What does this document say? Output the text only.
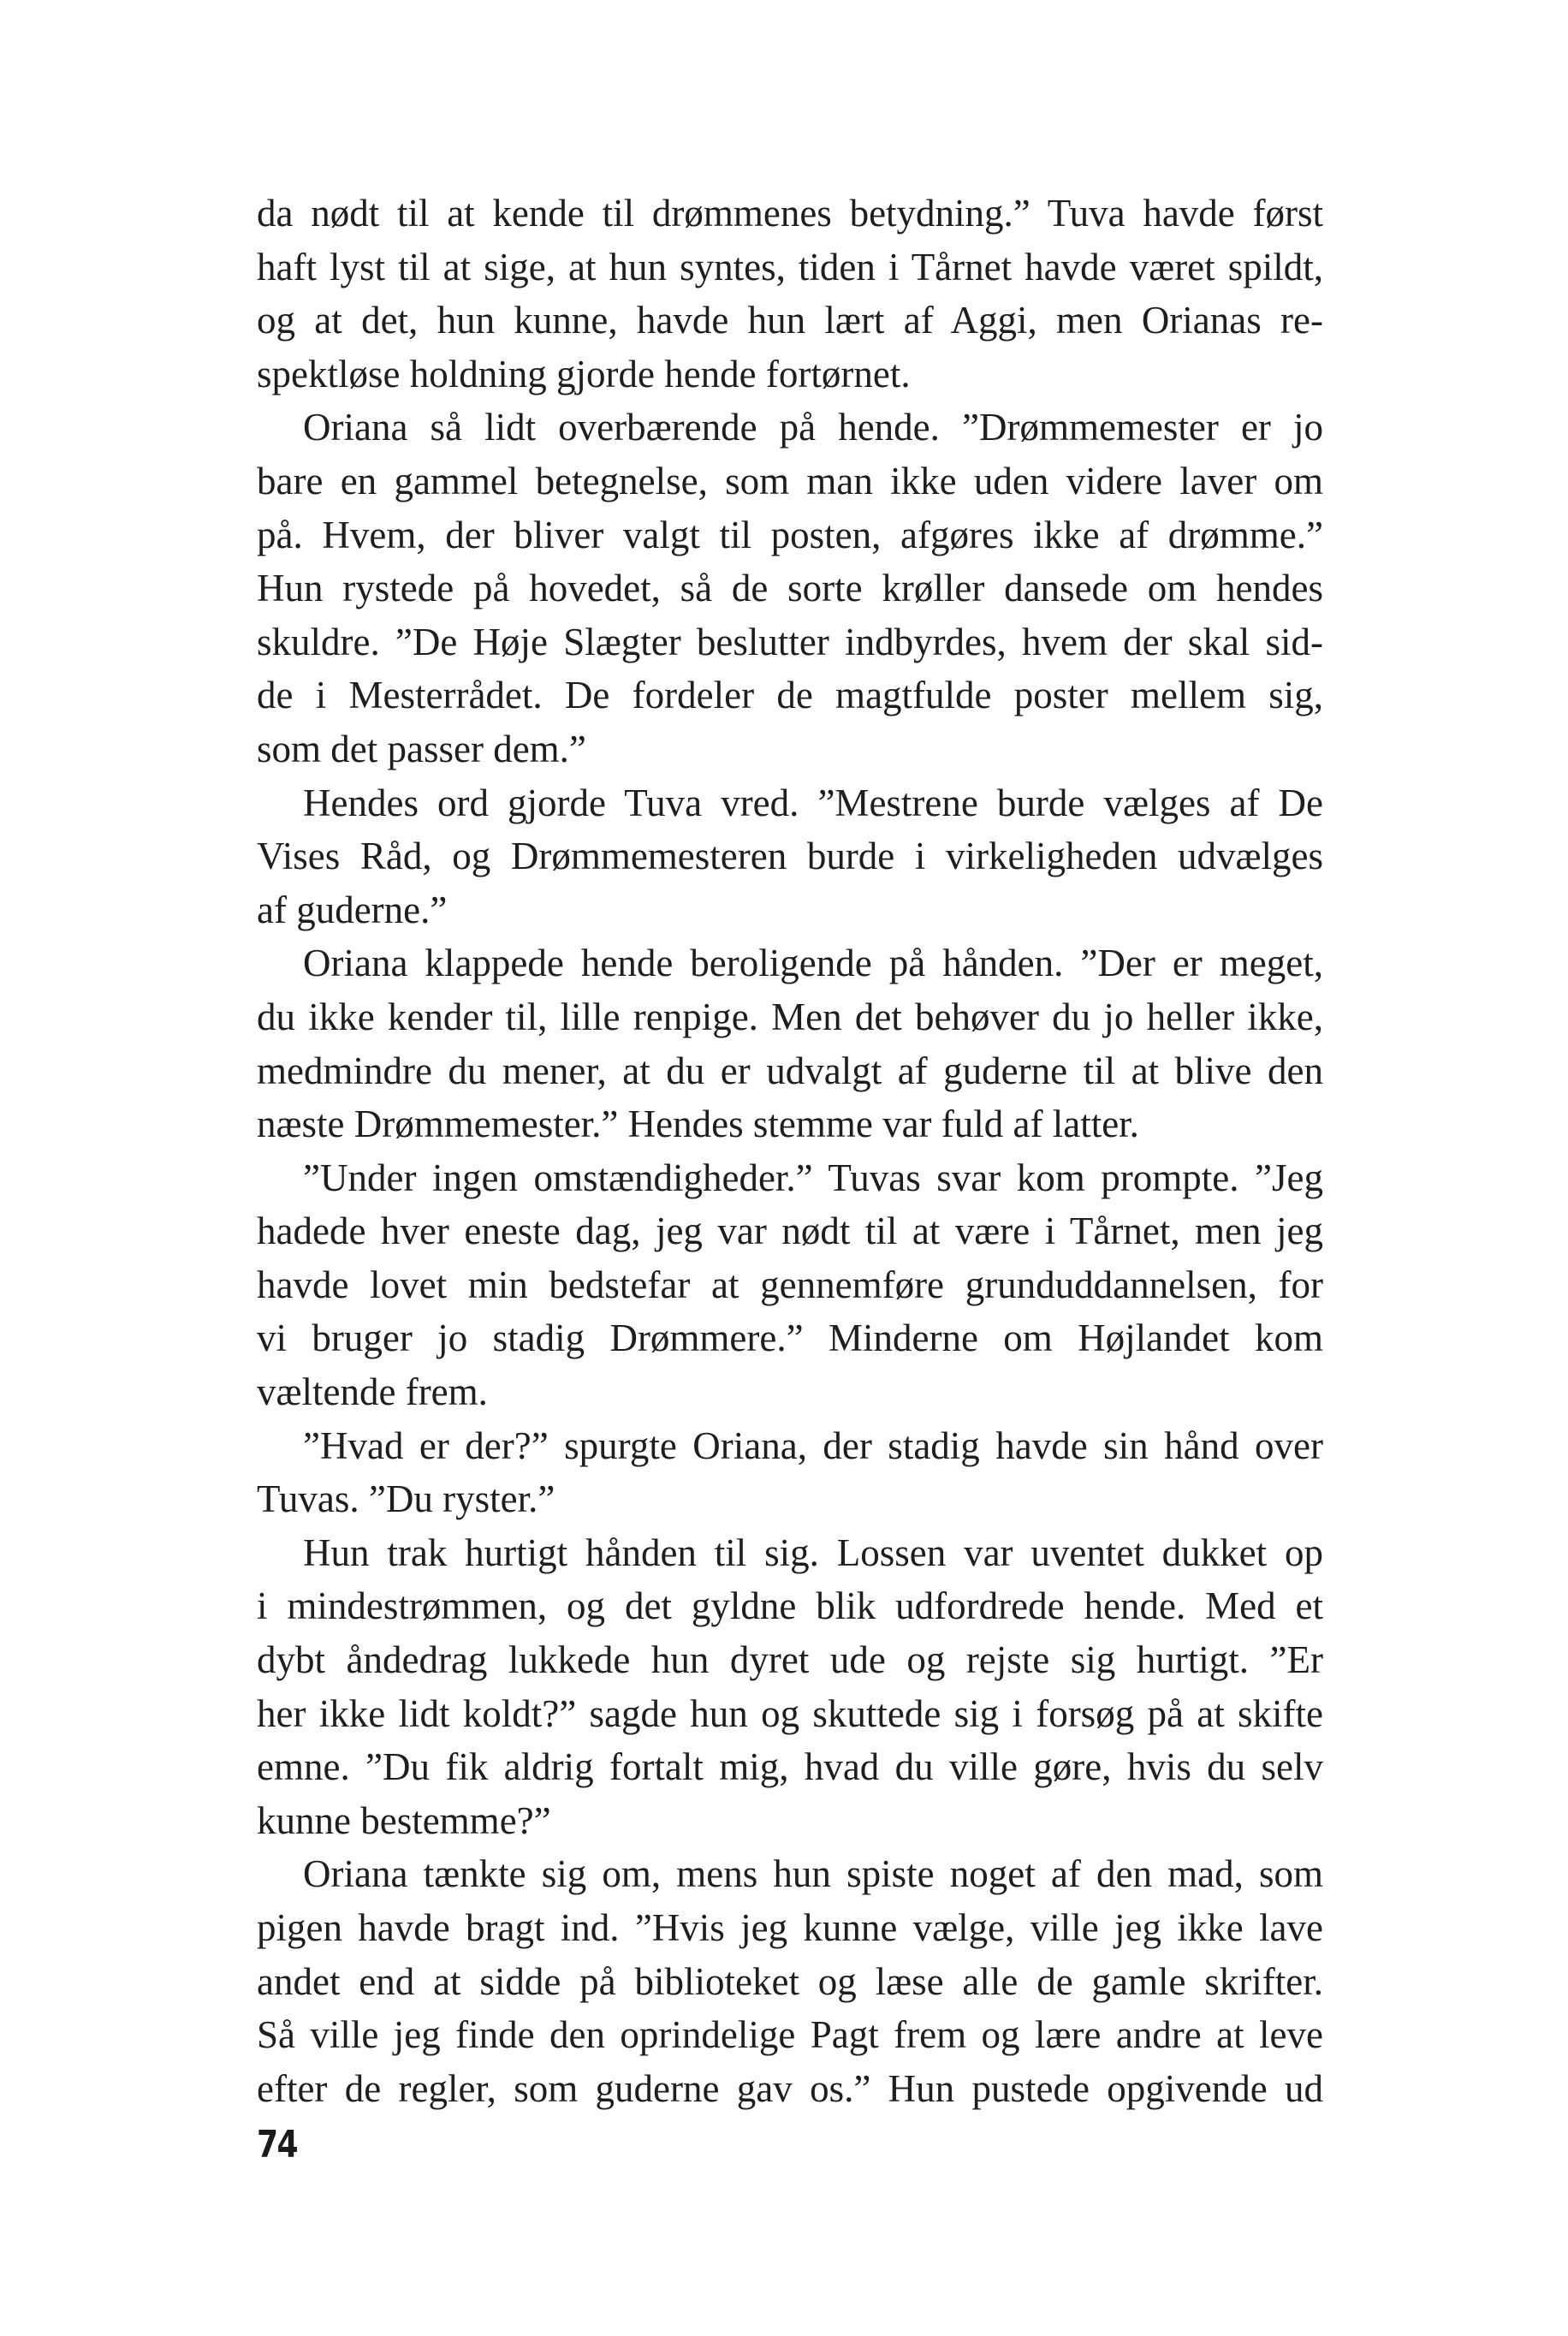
da nødt til at kende til drømmenes betydning.” Tuva havde først
haft lyst til at sige, at hun syntes, tiden i Tårnet havde været spildt,
og at det, hun kunne, havde hun lært af Aggi, men Orianas re-
spektløse holdning gjorde hende fortørnet.
Oriana så lidt overbærende på hende. ”Drømmemester er jo
bare en gammel betegnelse, som man ikke uden videre laver om
på. Hvem, der bliver valgt til posten, afgøres ikke af drømme.”
Hun rystede på hovedet, så de sorte krøller dansede om hendes
skuldre. ”De Høje Slægter beslutter indbyrdes, hvem der skal sid-
de i Mesterrådet. De fordeler de magtfulde poster mellem sig,
som det passer dem.”
Hendes ord gjorde Tuva vred. ”Mestrene burde vælges af De
Vises Råd, og Drømmemesteren burde i virkeligheden udvælges
af guderne.”
Oriana klappede hende beroligende på hånden. ”Der er meget,
du ikke kender til, lille renpige. Men det behøver du jo heller ikke,
medmindre du mener, at du er udvalgt af guderne til at blive den
næste Drømmemester.” Hendes stemme var fuld af latter.
”Under ingen omstændigheder.” Tuvas svar kom prompte. ”Jeg
hadede hver eneste dag, jeg var nødt til at være i Tårnet, men jeg
havde lovet min bedstefar at gennemføre grunduddannelsen, for
vi bruger jo stadig Drømmere.” Minderne om Højlandet kom
væltende frem.
”Hvad er der?” spurgte Oriana, der stadig havde sin hånd over
Tuvas. ”Du ryster.”
Hun trak hurtigt hånden til sig. Lossen var uventet dukket op
i mindestrømmen, og det gyldne blik udfordrede hende. Med et
dybt åndedrag lukkede hun dyret ude og rejste sig hurtigt. ”Er
her ikke lidt koldt?” sagde hun og skuttede sig i forsøg på at skifte
emne. ”Du fik aldrig fortalt mig, hvad du ville gøre, hvis du selv
kunne bestemme?”
Oriana tænkte sig om, mens hun spiste noget af den mad, som
pigen havde bragt ind. ”Hvis jeg kunne vælge, ville jeg ikke lave
andet end at sidde på biblioteket og læse alle de gamle skrifter.
Så ville jeg finde den oprindelige Pagt frem og lære andre at leve
efter de regler, som guderne gav os.” Hun pustede opgivende ud
74
